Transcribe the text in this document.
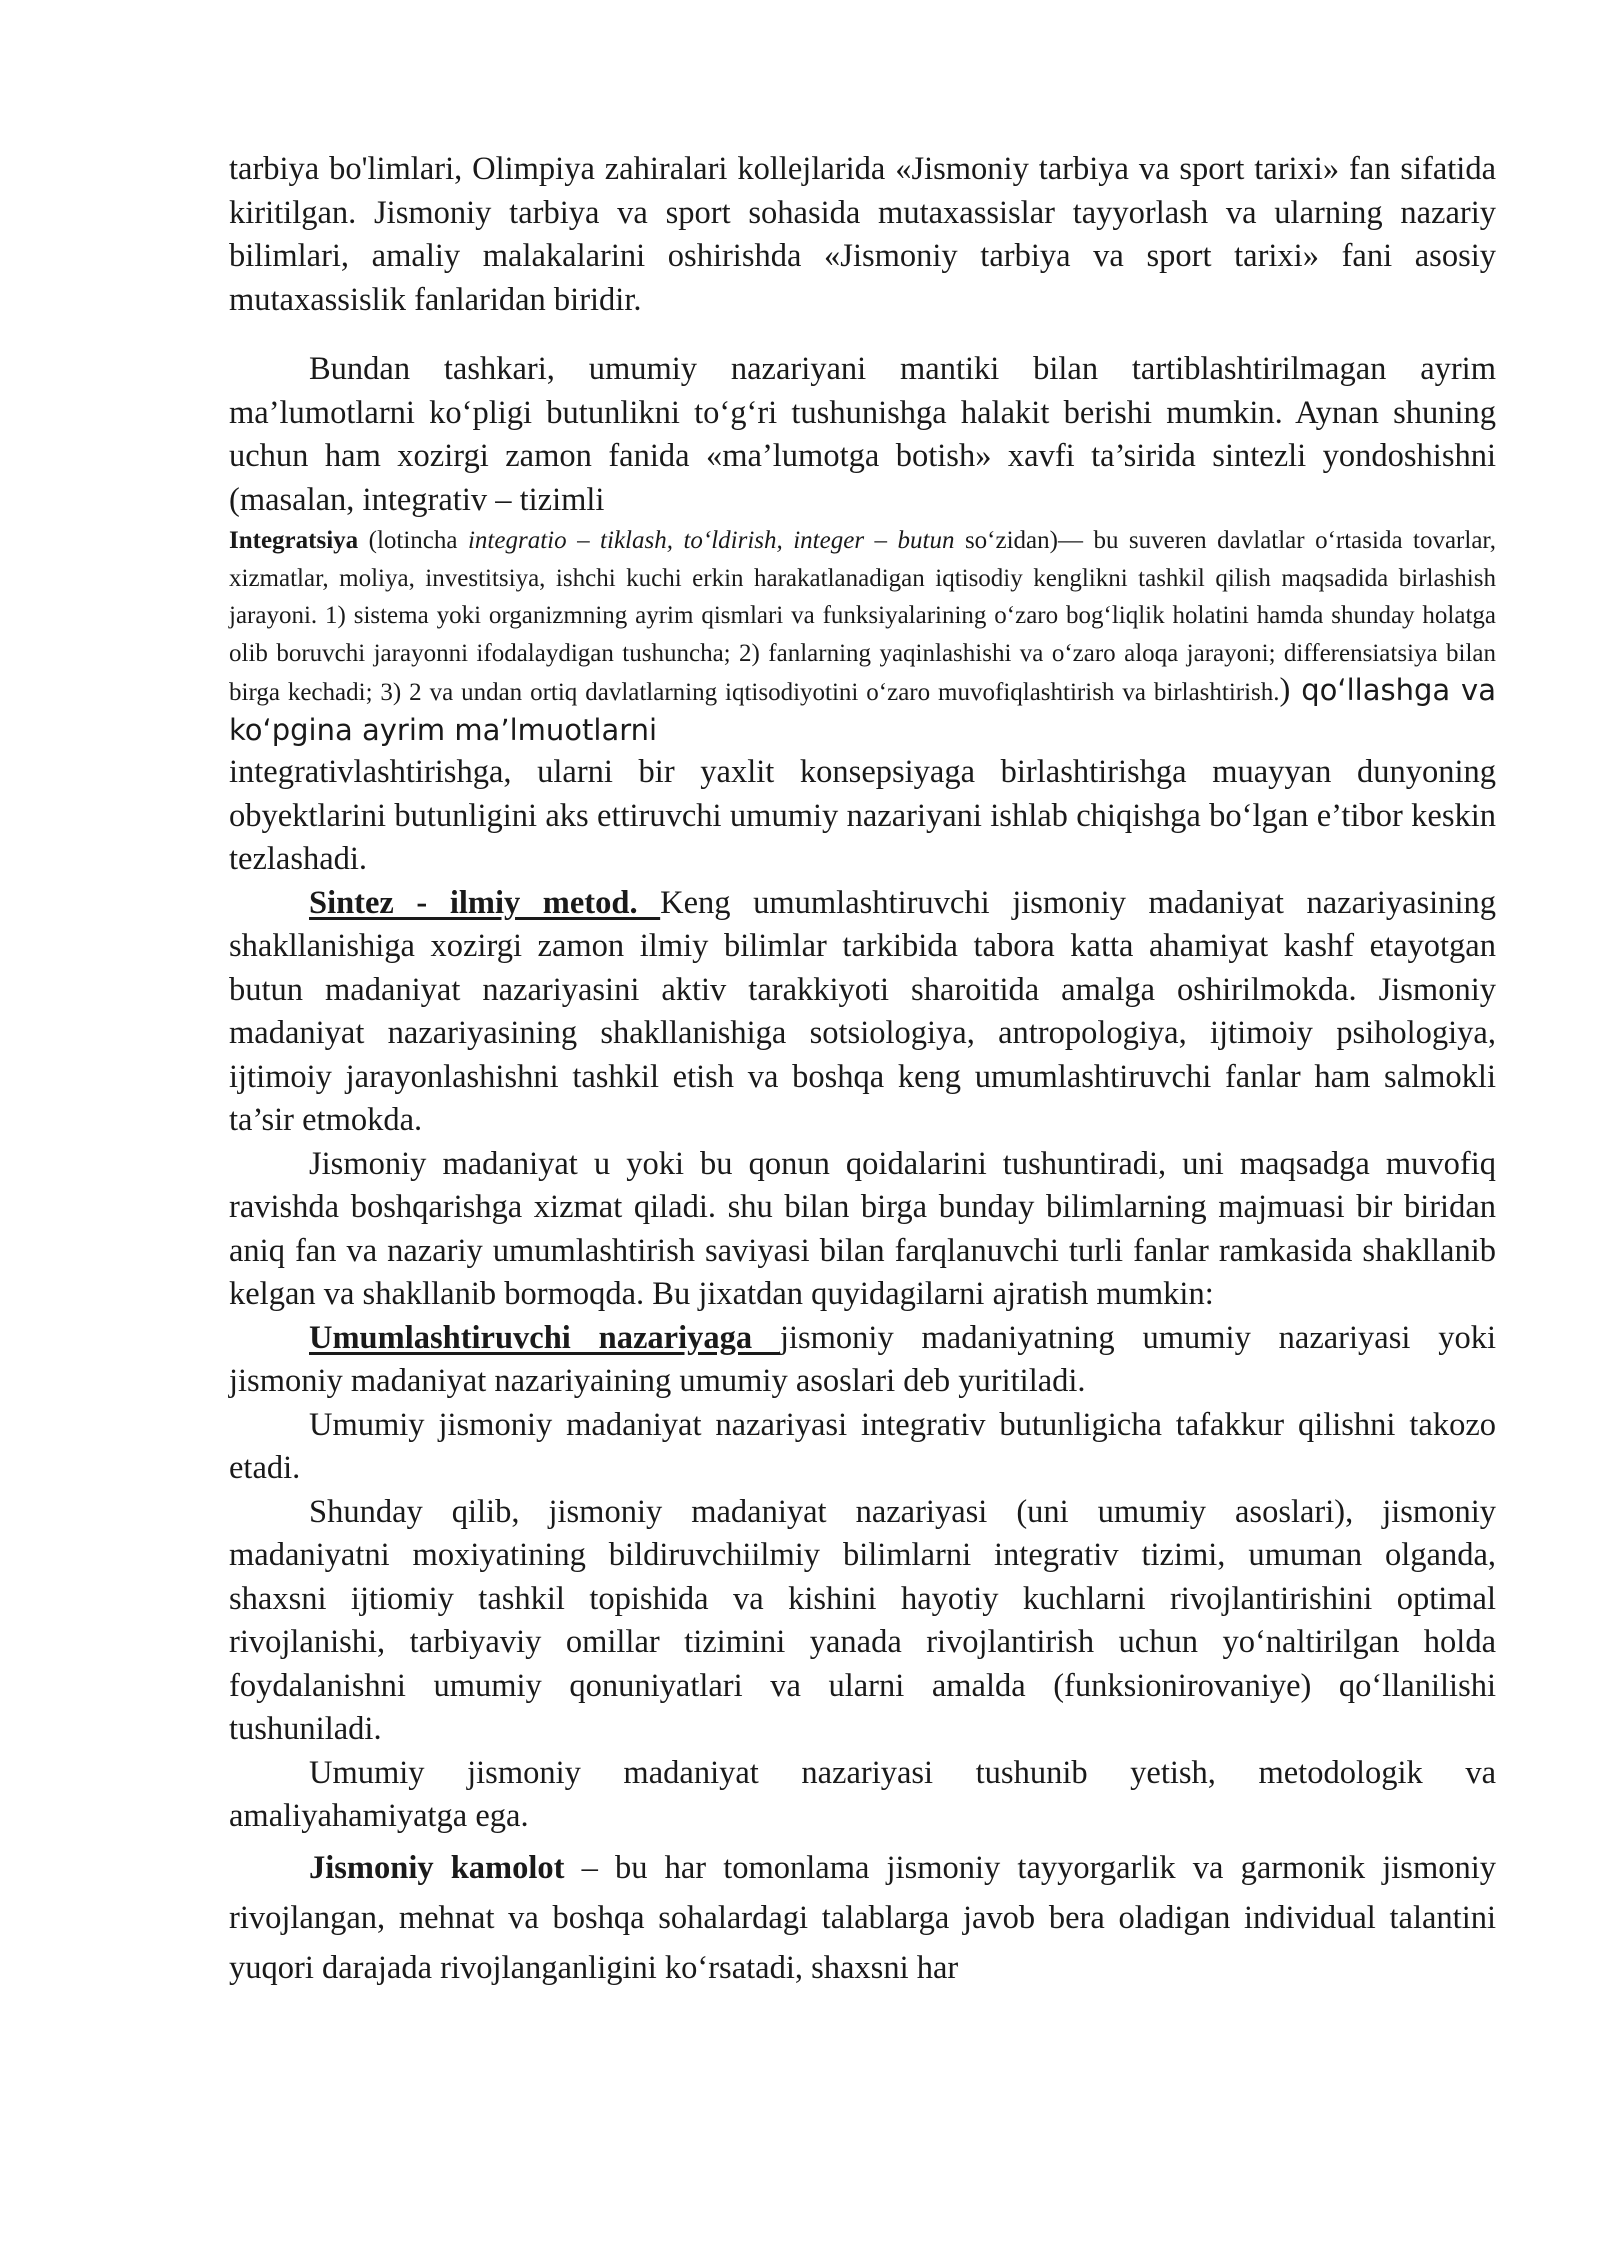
tarbiya bo'limlari, Olimpiya zahiralari kollejlarida «Jismoniy tarbiya va sport tarixi» fan sifatida kiritilgan. Jismoniy tarbiya va sport sohasida mutaxassislar tayyorlash va ularning nazariy bilimlari, amaliy malakalarini oshirishda «Jismoniy tarbiya va sport tarixi» fani asosiy mutaxassislik fanlaridan biridir.

Bundan tashkari, umumiy nazariyani mantiki bilan tartiblashtirilmagan ayrim ma’lumotlarni ko‘pligi butunlikni to‘g‘ri tushunishga halakit berishi mumkin. Aynan shuning uchun ham xozirgi zamon fanida «ma’lumotga botish» xavfi ta’sirida sintezli yondoshishni (masalan, integrativ – tizimli

Integratsiya (lotincha integratio – tiklash, to‘ldirish, integer – butun so‘zidan)— bu suveren davlatlar o‘rtasida tovarlar, xizmatlar, moliya, investitsiya, ishchi kuchi erkin harakatlanadigan iqtisodiy kenglikni tashkil qilish maqsadida birlashish jarayoni. 1) sistema yoki organizmning ayrim qismlari va funksiyalarining o‘zaro bog‘liqlik holatini hamda shunday holatga olib boruvchi jarayonni ifodalaydigan tushuncha; 2) fanlarning yaqinlashishi va o‘zaro aloqa jarayoni; differensiatsiya bilan birga kechadi; 3) 2 va undan ortiq davlatlarning iqtisodiyotini o‘zaro muvofiqlashtirish va birlashtirish.) qo‘llashga va ko‘pgina ayrim ma’lmuotlarni

integrativlashtirishga, ularni bir yaxlit konsepsiyaga birlashtirishga muayyan dunyoning obyektlarini butunligini aks ettiruvchi umumiy nazariyani ishlab chiqishga bo‘lgan e’tibor keskin tezlashadi.

Sintez - ilmiy metod. Keng umumlashtiruvchi jismoniy madaniyat nazariyasining shakllanishiga xozirgi zamon ilmiy bilimlar tarkibida tabora katta ahamiyat kashf etayotgan butun madaniyat nazariyasini aktiv tarakkiyoti sharoitida amalga oshirilmokda. Jismoniy madaniyat nazariyasining shakllanishiga sotsiologiya, antropologiya, ijtimoiy psihologiya, ijtimoiy jarayonlashishni tashkil etish va boshqa keng umumlashtiruvchi fanlar ham salmokli ta’sir etmokda.

Jismoniy madaniyat u yoki bu qonun qoidalarini tushuntiradi, uni maqsadga muvofiq ravishda boshqarishga xizmat qiladi. shu bilan birga bunday bilimlarning majmuasi bir biridan aniq fan va nazariy umumlashtirish saviyasi bilan farqlanuvchi turli fanlar ramkasida shakllanib kelgan va shakllanib bormoqda. Bu jixatdan quyidagilarni ajratish mumkin:

Umumlashtiruvchi nazariyaga jismoniy madaniyatning umumiy nazariyasi yoki jismoniy madaniyat nazariyaining umumiy asoslari deb yuritiladi.

Umumiy jismoniy madaniyat nazariyasi integrativ butunligicha tafakkur qilishni takozo etadi.

Shunday qilib, jismoniy madaniyat nazariyasi (uni umumiy asoslari), jismoniy madaniyatni moxiyatining bildiruvchiilmiy bilimlarni integrativ tizimi, umuman olganda, shaxsni ijtiomiy tashkil topishida va kishini hayotiy kuchlarni rivojlantirishini optimal rivojlanishi, tarbiyaviy omillar tizimini yanada rivojlantirish uchun yo‘naltirilgan holda foydalanishni umumiy qonuniyatlari va ularni amalda (funksionirovaniye) qo‘llanilishi tushuniladi.

Umumiy jismoniy madaniyat nazariyasi tushunib yetish, metodologik va amaliyahamiyatga ega.

Jismoniy kamolot – bu har tomonlama jismoniy tayyorgarlik va garmonik jismoniy rivojlangan, mehnat va boshqa sohalardagi talablarga javob bera oladigan individual talantini yuqori darajada rivojlanganligini ko‘rsatadi, shaxsni har
